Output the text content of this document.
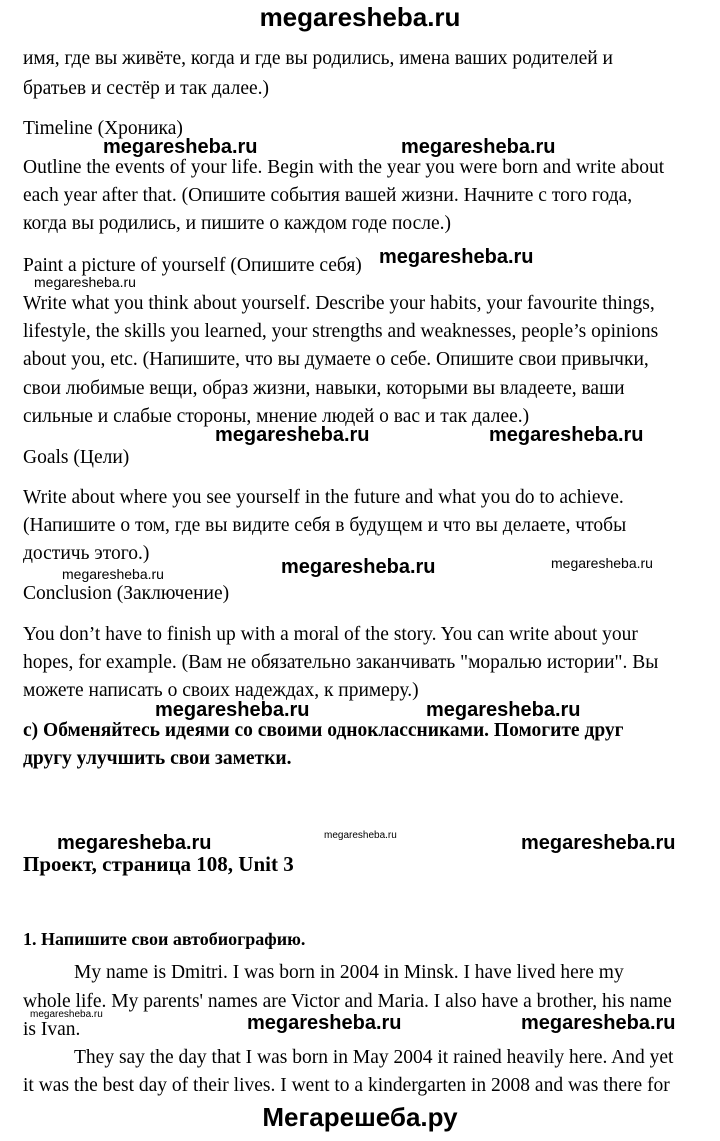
megaresheba.ru
имя, где вы живёте, когда и где вы родились, имена ваших родителей и
братьев и сестёр и так далее.)
Timeline (Хроника)
megaresheba.ru	megaresheba.ru
Outline the events of your life. Begin with the year you were born and write about
each year after that. (Опишите события вашей жизни. Начните с того года,
когда вы родились, и пишите о каждом годе после.)
Paint a picture of yourself (Опишите себя) megaresheba.ru
megaresheba.ru
Write what you think about yourself. Describe your habits, your favourite things,
lifestyle, the skills you learned, your strengths and weaknesses, people’s opinions
about you, etc. (Напишите, что вы думаете о себе. Опишите свои привычки,
свои любимые вещи, образ жизни, навыки, которыми вы владеете, ваши
сильные и слабые стороны, мнение людей о вас и так далее.)
megaresheba.ru	megaresheba.ru
Goals (Цели)
Write about where you see yourself in the future and what you do to achieve.
(Напишите о том, где вы видите себя в будущем и что вы делаете, чтобы
достичь этого.)
megaresheba.ru	megaresheba.ru
megaresheba.ru
Conclusion (Заключение)
You don’t have to finish up with a moral of the story. You can write about your
hopes, for example. (Вам не обязательно заканчивать "моралью истории". Вы
можете написать о своих надеждах, к примеру.)
megaresheba.ru	megaresheba.ru
c) Обменяйтесь идеями со своими одноклассниками. Помогите друг
другу улучшить свои заметки.
megaresheba.ru	megaresheba.ru	megaresheba.ru
Проект, страница 108, Unit 3
1. Напишите свои автобиографию.
My name is Dmitri. I was born in 2004 in Minsk. I have lived here my
whole life. My parents' names are Victor and Maria. I also have a brother, his name
megaresheba.ru
is Ivan.	megaresheba.ru	megaresheba.ru
They say the day that I was born in May 2004 it rained heavily here. And yet
it was the best day of their lives. I went to a kindergarten in 2008 and was there for
Мегарешеба.ру
